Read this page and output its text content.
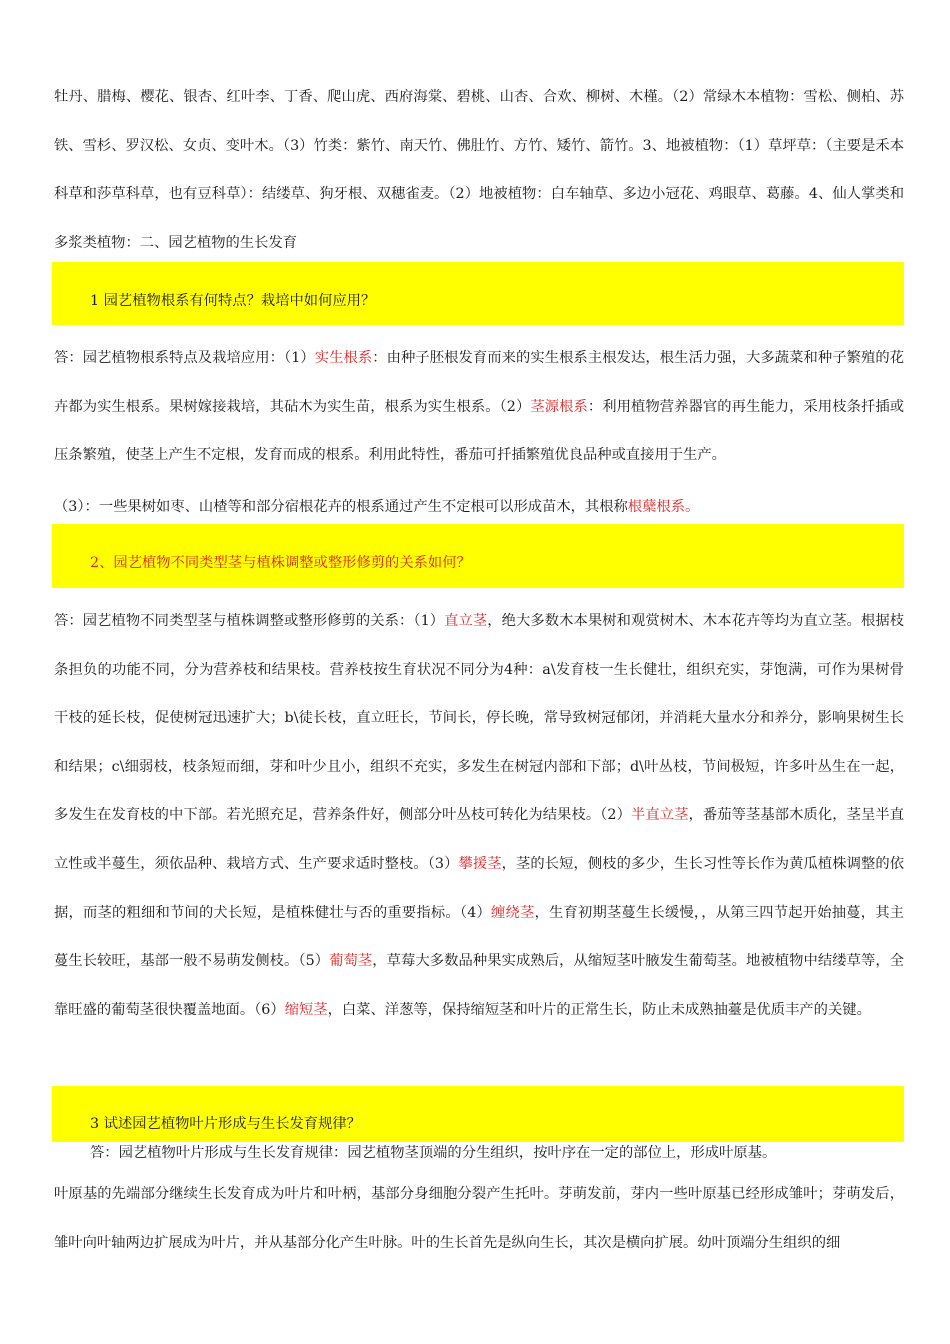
牡丹、腊梅、樱花、银杏、红叶李、丁香、爬山虎、西府海棠、碧桃、山杏、合欢、柳树、木槿。（2）常绿木本植物：雪松、侧柏、苏铁、雪杉、罗汉松、女贞、变叶木。（3）竹类：紫竹、南天竹、佛肚竹、方竹、矮竹、箭竹。3、地被植物：（1）草坪草：（主要是禾本科草和莎草科草，也有豆科草）：结缕草、狗牙根、双穗雀麦。（2）地被植物：白车轴草、多边小冠花、鸡眼草、葛藤。4、仙人掌类和多浆类植物：二、园艺植物的生长发育

1 园艺植物根系有何特点？栽培中如何应用？

答：园艺植物根系特点及栽培应用：（1）实生根系：由种子胚根发育而来的实生根系主根发达，根生活力强，大多蔬菜和种子繁殖的花卉都为实生根系。果树嫁接栽培，其砧木为实生苗，根系为实生根系。（2）茎源根系：利用植物营养器官的再生能力，采用枝条扦插或压条繁殖，使茎上产生不定根，发育而成的根系。利用此特性，番茄可扦插繁殖优良品种或直接用于生产。

（3）：一些果树如枣、山楂等和部分宿根花卉的根系通过产生不定根可以形成苗木，其根称根蘖根系。

2、园艺植物不同类型茎与植株调整或整形修剪的关系如何？

答：园艺植物不同类型茎与植株调整或整形修剪的关系：（1）直立茎，绝大多数木本果树和观赏树木、木本花卉等均为直立茎。根据枝条担负的功能不同，分为营养枝和结果枝。营养枝按生育状况不同分为4种：a\发育枝一生长健壮，组织充实，芽饱满，可作为果树骨干枝的延长枝，促使树冠迅速扩大；b\徒长枝，直立旺长，节间长，停长晚，常导致树冠郁闭，并消耗大量水分和养分，影响果树生长和结果；c\细弱枝，枝条短而细，芽和叶少且小，组织不充实，多发生在树冠内部和下部；d\叶丛枝，节间极短，许多叶丛生在一起，多发生在发育枝的中下部。若光照充足，营养条件好，侧部分叶丛枝可转化为结果枝。（2）半直立茎，番茄等茎基部木质化，茎呈半直立性或半蔓生，须依品种、栽培方式、生产要求适时整枝。（3）攀援茎，茎的长短，侧枝的多少，生长习性等长作为黄瓜植株调整的依据，而茎的粗细和节间的犬长短，是植株健壮与否的重要指标。（4）缠绕茎，生育初期茎蔓生长缓慢，，从第三四节起开始抽蔓，其主蔓生长较旺，基部一般不易萌发侧枝。（5）葡萄茎，草莓大多数品种果实成熟后，从缩短茎叶腋发生葡萄茎。地被植物中结缕草等，全靠旺盛的葡萄茎很快覆盖地面。（6）缩短茎，白菜、洋葱等，保持缩短茎和叶片的正常生长，防止未成熟抽薹是优质丰产的关键。

3 试述园艺植物叶片形成与生长发育规律？

答：园艺植物叶片形成与生长发育规律：园艺植物茎顶端的分生组织，按叶序在一定的部位上，形成叶原基。

叶原基的先端部分继续生长发育成为叶片和叶柄，基部分身细胞分裂产生托叶。芽萌发前，芽内一些叶原基已经形成雏叶；芽萌发后，雏叶向叶轴两边扩展成为叶片，并从基部分化产生叶脉。叶的生长首先是纵向生长，其次是横向扩展。幼叶顶端分生组织的细
